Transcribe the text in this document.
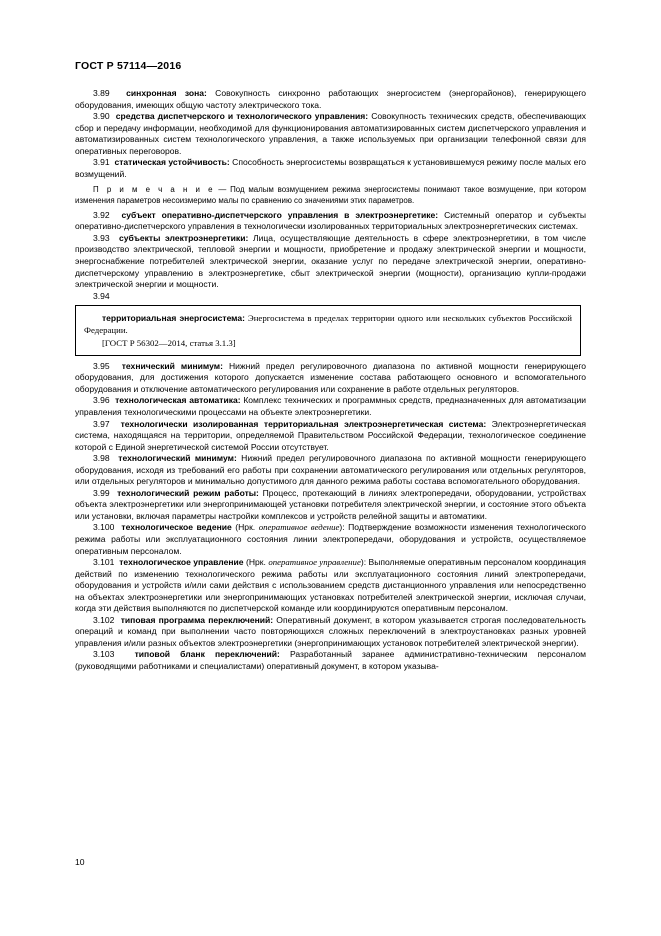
ГОСТ Р 57114—2016

3.89 синхронная зона: Совокупность синхронно работающих энергосистем (энергорайонов), генерирующего оборудования, имеющих общую частоту электрического тока.

3.90 средства диспетчерского и технологического управления: Совокупность технических средств, обеспечивающих сбор и передачу информации, необходимой для функционирования автоматизированных систем диспетчерского управления и автоматизированных систем технологического управления, а также используемых при организации телефонной связи для оперативных переговоров.

3.91 статическая устойчивость: Способность энергосистемы возвращаться к установившемуся режиму после малых его возмущений.

П р и м е ч а н и е — Под малым возмущением режима энергосистемы понимают такое возмущение, при котором изменения параметров несоизмеримо малы по сравнению со значениями этих параметров.

3.92 субъект оперативно-диспетчерского управления в электроэнергетике: Системный оператор и субъекты оперативно-диспетчерского управления в технологически изолированных территориальных электроэнергетических системах.

3.93 субъекты электроэнергетики: Лица, осуществляющие деятельность в сфере электроэнергетики, в том числе производство электрической, тепловой энергии и мощности, приобретение и продажу электрической энергии и мощности, энергоснабжение потребителей электрической энергии, оказание услуг по передаче электрической энергии, оперативно-диспетчерскому управлению в электроэнергетике, сбыт электрической энергии (мощности), организацию купли-продажи электрической энергии и мощности.

3.94

территориальная энергосистема: Энергосистема в пределах территории одного или нескольких субъектов Российской Федерации.

[ГОСТ Р 56302—2014, статья 3.1.3]

3.95 технический минимум: Нижний предел регулировочного диапазона по активной мощности генерирующего оборудования, для достижения которого допускается изменение состава работающего основного и вспомогательного оборудования и отключение автоматического регулирования или сохранение в работе отдельных регуляторов.

3.96 технологическая автоматика: Комплекс технических и программных средств, предназначенных для автоматизации управления технологическими процессами на объекте электроэнергетики.

3.97 технологически изолированная территориальная электроэнергетическая система: Электроэнергетическая система, находящаяся на территории, определяемой Правительством Российской Федерации, технологическое соединение которой с Единой энергетической системой России отсутствует.

3.98 технологический минимум: Нижний предел регулировочного диапазона по активной мощности генерирующего оборудования, исходя из требований его работы при сохранении автоматического регулирования или отдельных регуляторов, или отдельных регуляторов и минимально допустимого для данного режима работы состава вспомогательного оборудования.

3.99 технологический режим работы: Процесс, протекающий в линиях электропередачи, оборудовании, устройствах объекта электроэнергетики или энергопринимающей установки потребителя электрической энергии, и состояние этого объекта или установки, включая параметры настройки комплексов и устройств релейной защиты и автоматики.

3.100 технологическое ведение (Нрк. оперативное ведение): Подтверждение возможности изменения технологического режима работы или эксплуатационного состояния линии электропередачи, оборудования и устройств, осуществляемое оперативным персоналом.

3.101 технологическое управление (Нрк. оперативное управление): Выполняемые оперативным персоналом координация действий по изменению технологического режима работы или эксплуатационного состояния линий электропередачи, оборудования и устройств и/или сами действия с использованием средств дистанционного управления или непосредственно на объектах электроэнергетики или энергопринимающих установках потребителей электрической энергии, исключая случаи, когда эти действия выполняются по диспетчерской команде или координируются оперативным персоналом.

3.102 типовая программа переключений: Оперативный документ, в котором указывается строгая последовательность операций и команд при выполнении часто повторяющихся сложных переключений в электроустановках разных уровней управления и/или разных объектов электроэнергетики (энергопринимающих установок потребителей электрической энергии).

3.103 типовой бланк переключений: Разработанный заранее административно-техническим персоналом (руководящими работниками и специалистами) оперативный документ, в котором указыва-

10
